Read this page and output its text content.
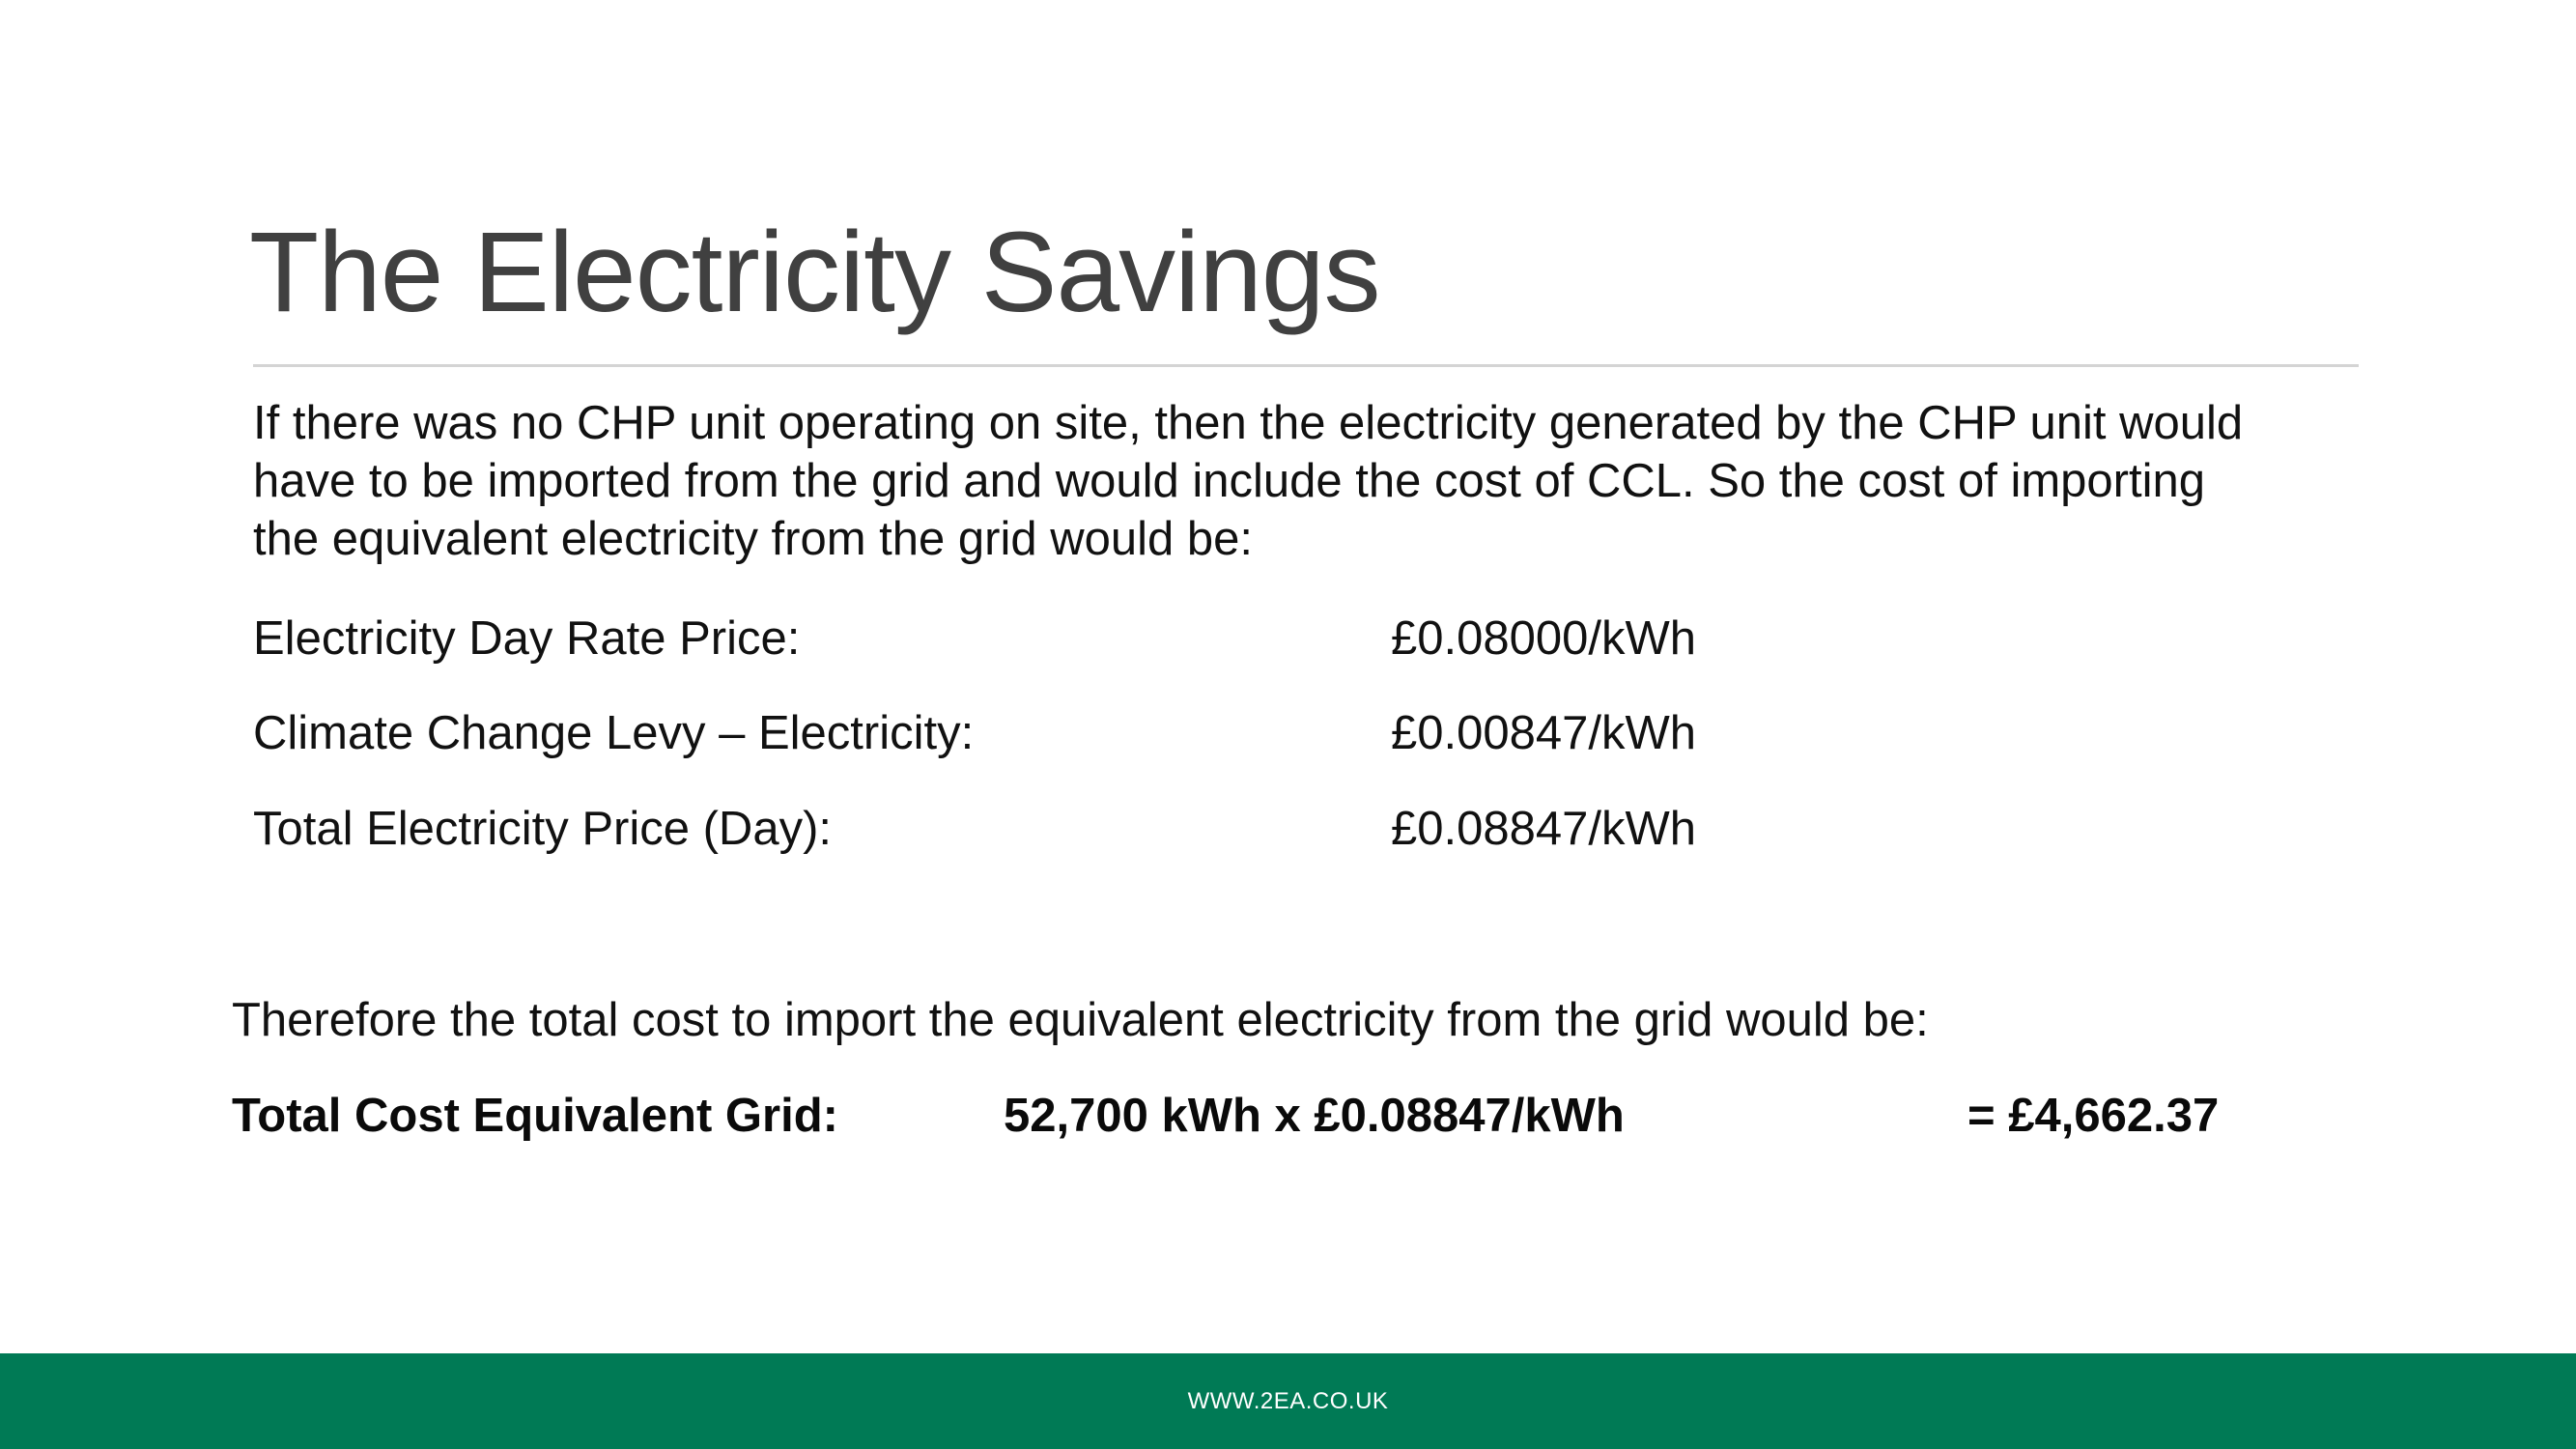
The Electricity Savings
If there was no CHP unit operating on site, then the electricity generated by the CHP unit would
have to be imported from the grid and would include the cost of CCL. So the cost of importing
the equivalent electricity from the grid would be:
Electricity Day Rate Price:	£0.08000/kWh
Climate Change Levy – Electricity:	£0.00847/kWh
Total Electricity Price (Day):	£0.08847/kWh
Therefore the total cost to import the equivalent electricity from the grid would be:
Total Cost Equivalent Grid:	52,700 kWh x £0.08847/kWh	= £4,662.37
WWW.2EA.CO.UK
